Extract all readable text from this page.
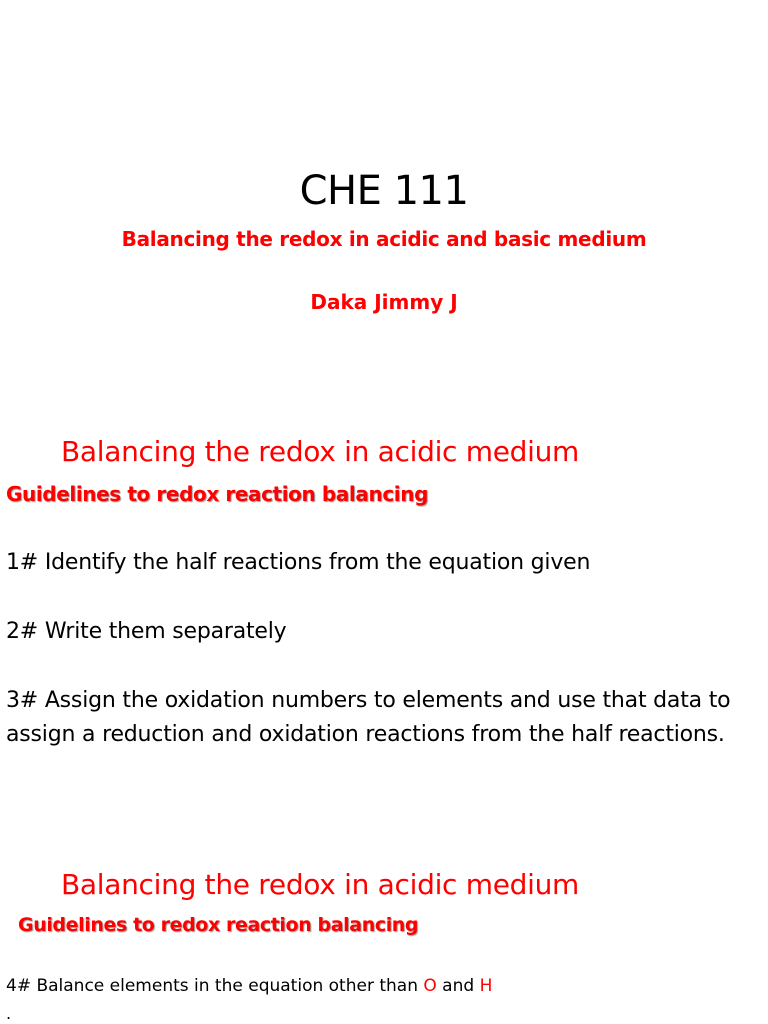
CHE 111
Balancing the redox in acidic and basic medium
Daka Jimmy J
Balancing the redox in acidic medium
Guidelines to redox reaction balancing
1# Identify the half reactions from the equation given
2# Write them separately
3# Assign the oxidation numbers to elements and use that data to assign a reduction and oxidation reactions from the half reactions.
Balancing the redox in acidic medium
Guidelines to redox reaction balancing
4# Balance elements in the equation other than O and H
.
